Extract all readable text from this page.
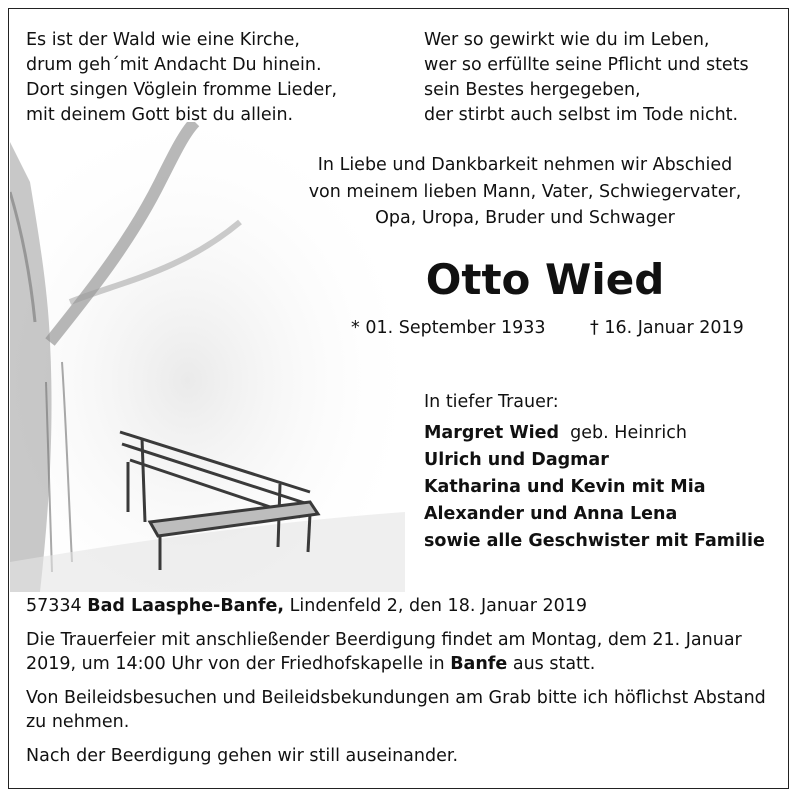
Es ist der Wald wie eine Kirche,
drum geh´mit Andacht Du hinein.
Dort singen Vöglein fromme Lieder,
mit deinem Gott bist du allein.
Wer so gewirkt wie du im Leben,
wer so erfüllte seine Pflicht und stets
sein Bestes hergegeben,
der stirbt auch selbst im Tode nicht.
In Liebe und Dankbarkeit nehmen wir Abschied
von meinem lieben Mann, Vater, Schwiegervater,
Opa, Uropa, Bruder und Schwager
Otto Wied
* 01. September 1933	† 16. Januar 2019
In tiefer Trauer:
Margret Wied  geb. Heinrich
Ulrich und Dagmar
Katharina und Kevin mit Mia
Alexander und Anna Lena
sowie alle Geschwister mit Familie

57334 Bad Laasphe-Banfe, Lindenfeld 2, den 18. Januar 2019

Die Trauerfeier mit anschließender Beerdigung findet am Montag, dem 21. Januar 2019, um 14:00 Uhr von der Friedhofskapelle in Banfe aus statt.

Von Beileidsbesuchen und Beileidsbekundungen am Grab bitte ich höflichst Abstand zu nehmen.

Nach der Beerdigung gehen wir still auseinander.
